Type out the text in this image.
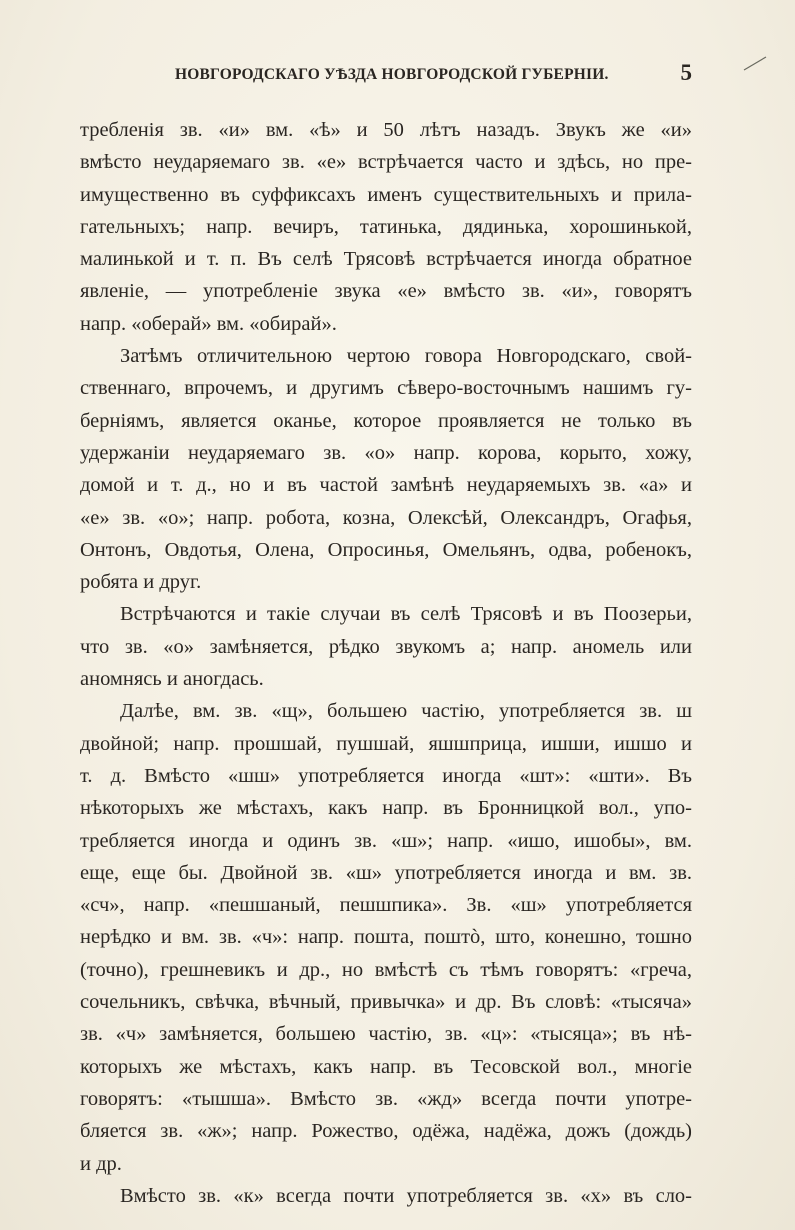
НОВГОРОДСКАГО УѢЗДА НОВГОРОДСКОЙ ГУБЕРНІИ.	5
требленія зв. «и» вм. «ѣ» и 50 лѣтъ назадъ. Звукъ же «и»
вмѣсто неударяемаго зв. «е» встрѣчается часто и здѣсь, но пре-
имущественно въ суффиксахъ именъ существительныхъ и прила-
гательныхъ; напр. вечиръ, татинька, дядинька, хорошинькой,
малинькой и т. п. Въ селѣ Трясовѣ встрѣчается иногда обратное
явленіе, — употребленіе звука «е» вмѣсто зв. «и», говорятъ
напр. «оберай» вм. «обирай».
Затѣмъ отличительною чертою говора Новгородскаго, свой-
ственнаго, впрочемъ, и другимъ сѣверо-восточнымъ нашимъ гу-
берніямъ, является оканье, которое проявляется не только въ
удержаніи неударяемаго зв. «о» напр. корова, корыто, хожу,
домой и т. д., но и въ частой замѣнѣ неударяемыхъ зв. «а» и
«е» зв. «о»; напр. робота, козна, Олексѣй, Олександръ, Огафья,
Онтонъ, Овдотья, Олена, Опросинья, Омельянъ, одва, робенокъ,
робята и друг.
Встрѣчаются и такіе случаи въ селѣ Трясовѣ и въ Поозерьи,
что зв. «о» замѣняется, рѣдко звукомъ а; напр. аномель или
аномнясь и аногдась.
Далѣе, вм. зв. «щ», большею частію, употребляется зв. ш
двойной; напр. прошшай, пушшай, яшшприца, ишши, ишшо и
т. д. Вмѣсто «шш» употребляется иногда «шт»: «шти». Въ
нѣкоторыхъ же мѣстахъ, какъ напр. въ Бронницкой вол., упо-
требляется иногда и одинъ зв. «ш»; напр. «ишо, ишобы», вм.
еще, еще бы. Двойной зв. «ш» употребляется иногда и вм. зв.
«сч», напр. «пешшаный, пешшпика». Зв. «ш» употребляется
нерѣдко и вм. зв. «ч»: напр. пошта, поштò, што, конешно, тошно
(точно), грешневикъ и др., но вмѣстѣ съ тѣмъ говорятъ: «греча,
сочельникъ, свѣчка, вѣчный, привычка» и др. Въ словѣ: «тысяча»
зв. «ч» замѣняется, большею частію, зв. «ц»: «тысяца»; въ нѣ-
которыхъ же мѣстахъ, какъ напр. въ Тесовской вол., многіе
говорятъ: «тышша». Вмѣсто зв. «жд» всегда почти употре-
бляется зв. «ж»; напр. Рожество, одёжа, надёжа, дожъ (дождь)
и др.
Вмѣсто зв. «к» всегда почти употребляется зв. «х» въ сло-
